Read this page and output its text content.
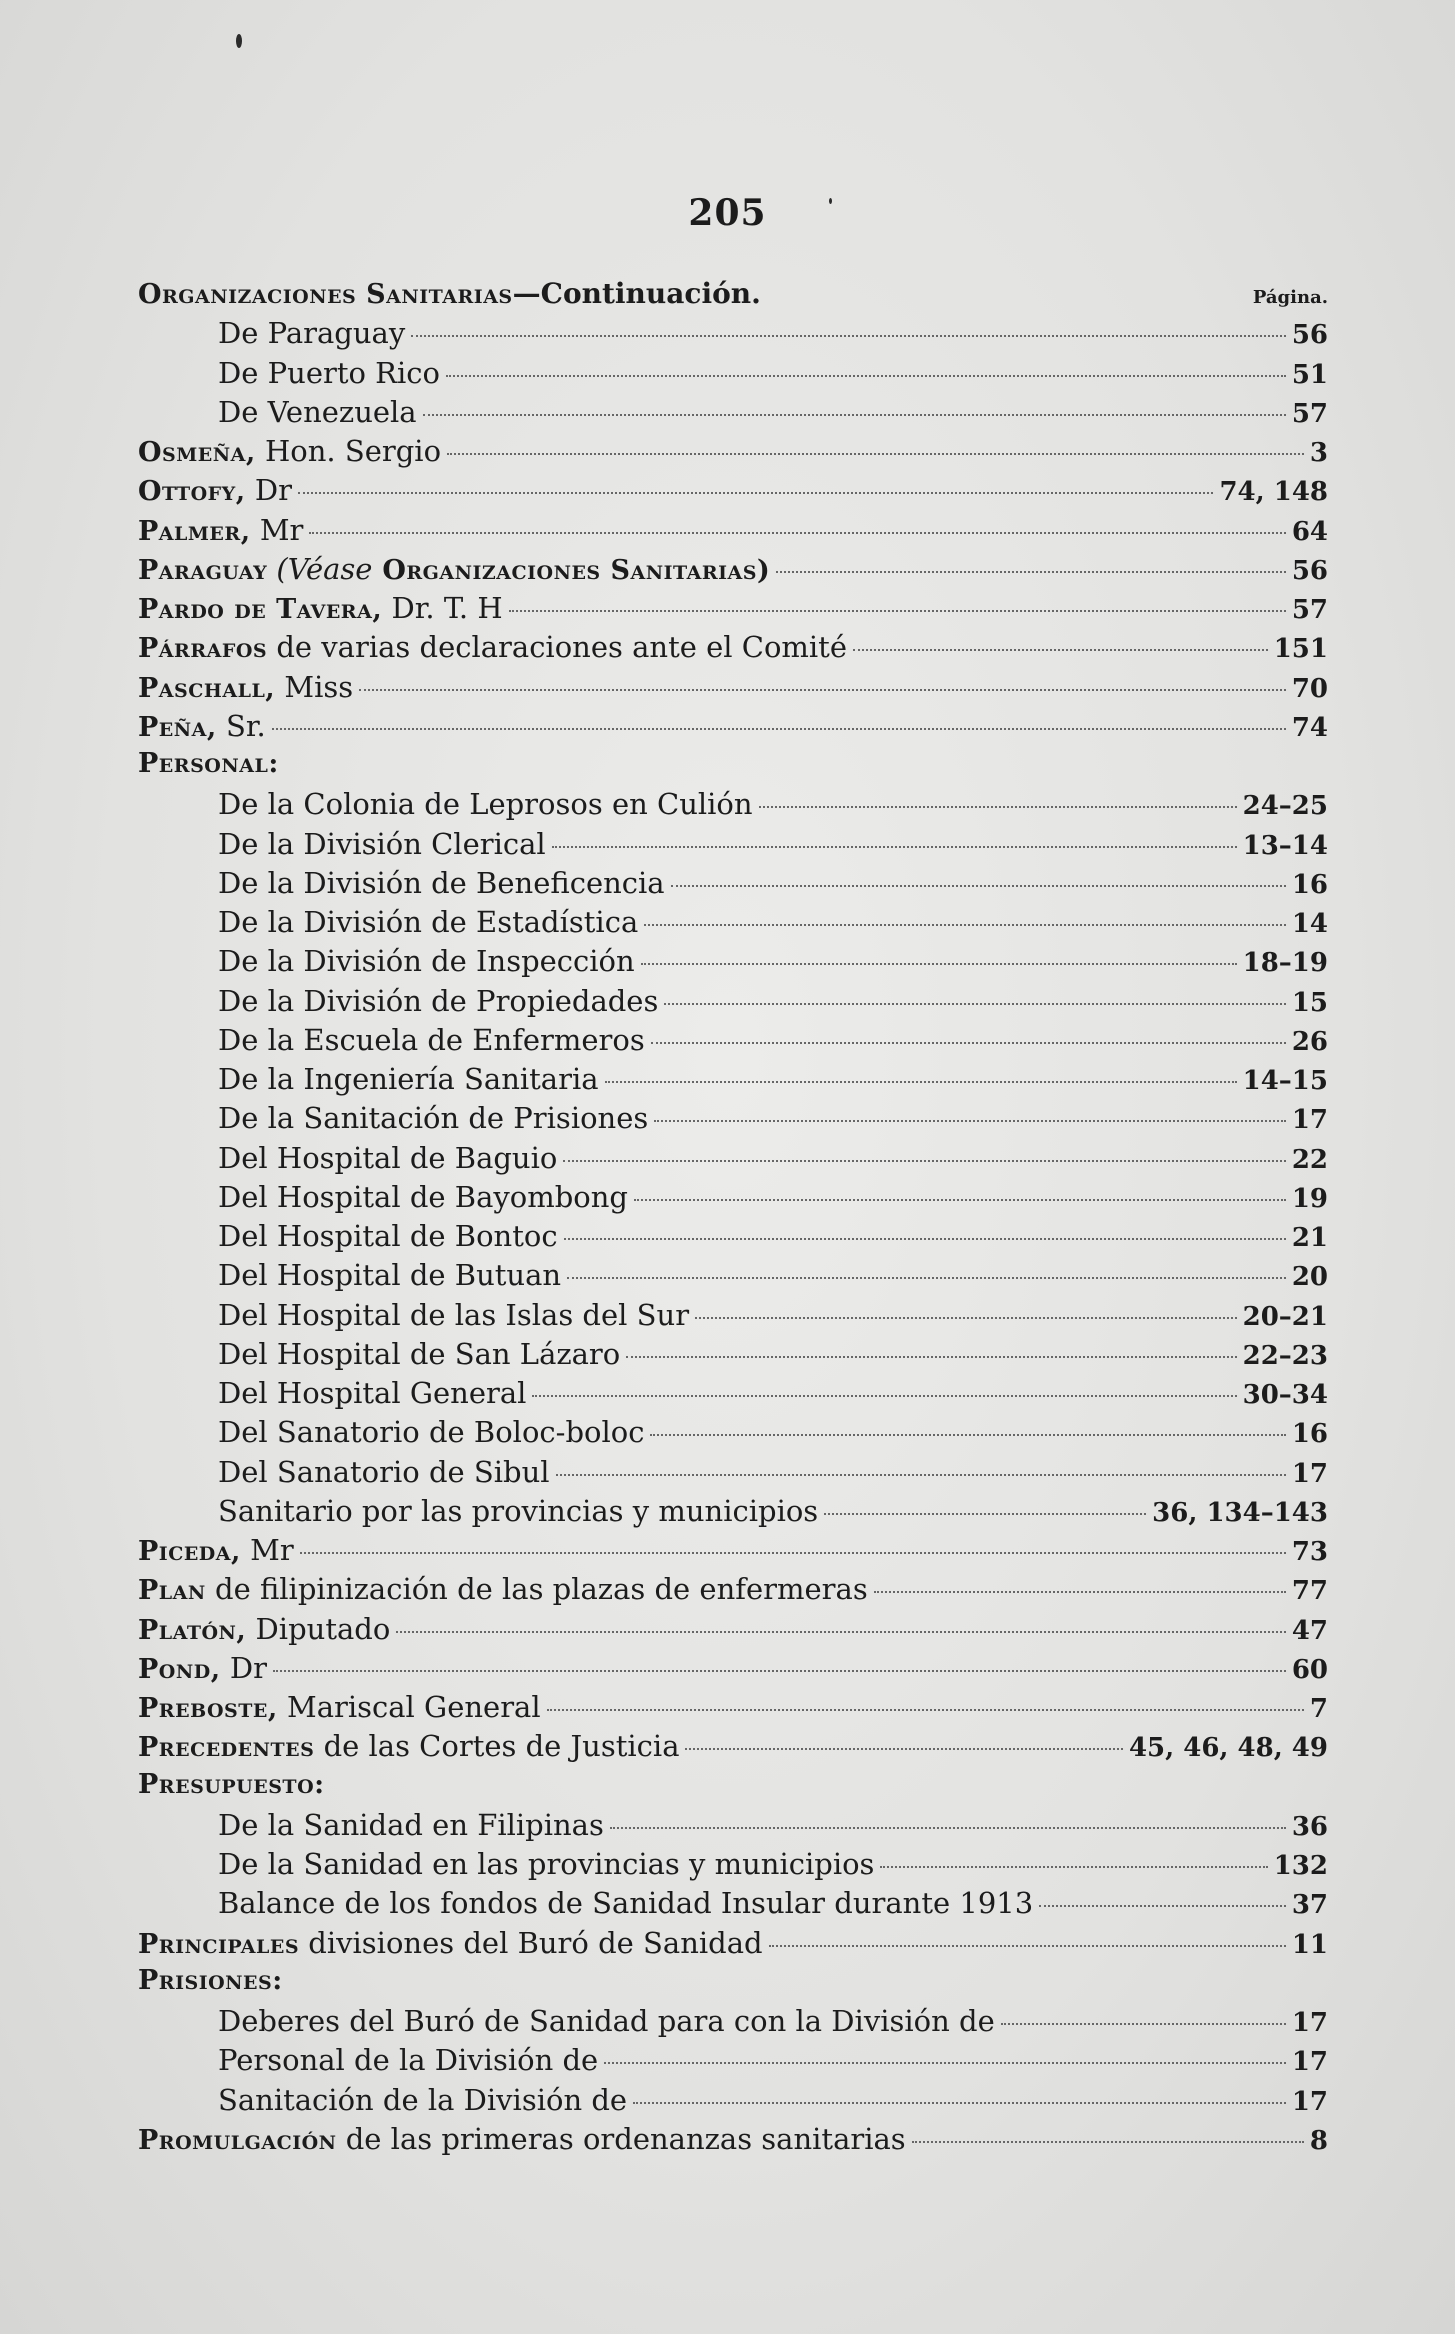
205
Organizaciones Sanitarias—Continuación.	Página.
De Paraguay	56
De Puerto Rico	51
De Venezuela	57
Osmeña, Hon. Sergio	3
Ottofy, Dr	74, 148
Palmer, Mr	64
Paraguay (Véase Organizaciones Sanitarias)	56
Pardo de Tavera, Dr. T. H	57
Párrafos de varias declaraciones ante el Comité	151
Paschall, Miss	70
Peña, Sr.	74
Personal:
De la Colonia de Leprosos en Culión	24–25
De la División Clerical	13–14
De la División de Beneficencia	16
De la División de Estadística	14
De la División de Inspección	18–19
De la División de Propiedades	15
De la Escuela de Enfermeros	26
De la Ingeniería Sanitaria	14–15
De la Sanitación de Prisiones	17
Del Hospital de Baguio	22
Del Hospital de Bayombong	19
Del Hospital de Bontoc	21
Del Hospital de Butuan	20
Del Hospital de las Islas del Sur	20–21
Del Hospital de San Lázaro	22–23
Del Hospital General	30–34
Del Sanatorio de Boloc-boloc	16
Del Sanatorio de Sibul	17
Sanitario por las provincias y municipios	36, 134–143
Piceda, Mr	73
Plan de filipinización de las plazas de enfermeras	77
Platón, Diputado	47
Pond, Dr	60
Preboste, Mariscal General	7
Precedentes de las Cortes de Justicia	45, 46, 48, 49
Presupuesto:
De la Sanidad en Filipinas	36
De la Sanidad en las provincias y municipios	132
Balance de los fondos de Sanidad Insular durante 1913	37
Principales divisiones del Buró de Sanidad	11
Prisiones:
Deberes del Buró de Sanidad para con la División de	17
Personal de la División de	17
Sanitación de la División de	17
Promulgación de las primeras ordenanzas sanitarias	8
